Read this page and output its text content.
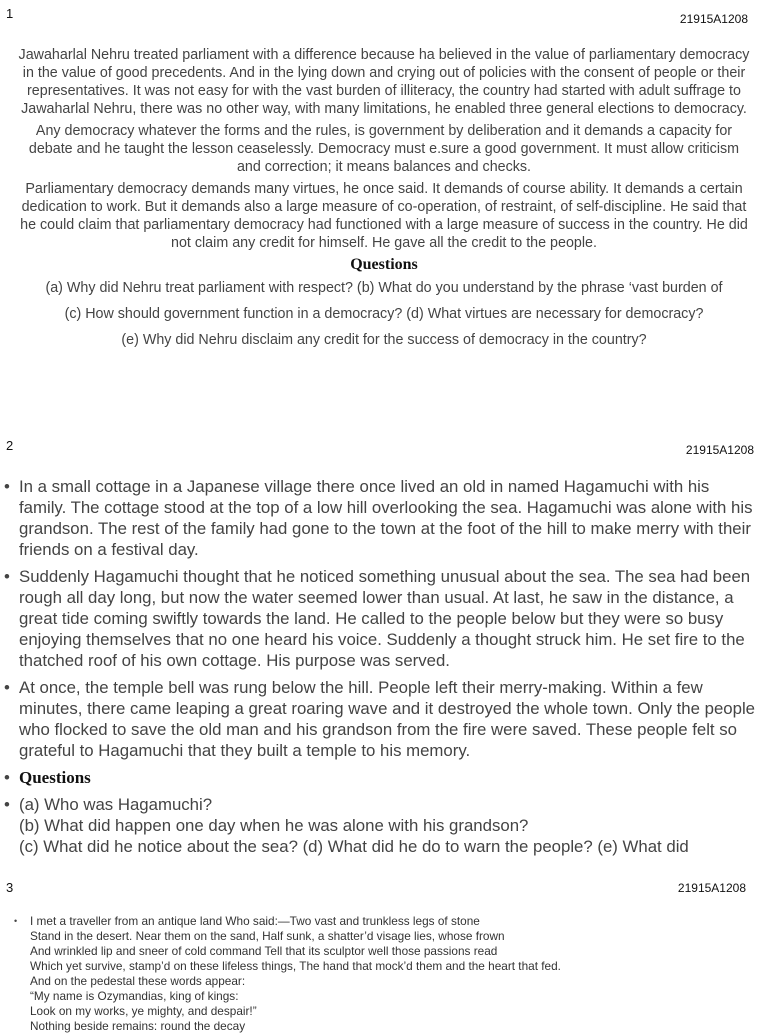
1	21915A1208

Jawaharlal Nehru treated parliament with a difference because ha believed in the value of parliamentary democracy in the value of good precedents. And in the lying down and crying out of policies with the consent of people or their representatives. It was not easy for with the vast burden of illiteracy, the country had started with adult suffrage to Jawaharlal Nehru, there was no other way, with many limitations, he enabled three general elections to democracy.

Any democracy whatever the forms and the rules, is government by deliberation and it demands a capacity for debate and he taught the lesson ceaselessly. Democracy must e.sure a good government. It must allow criticism and correction; it means balances and checks.

Parliamentary democracy demands many virtues, he once said. It demands of course ability. It demands a certain dedication to work. But it demands also a large measure of co-operation, of restraint, of self-discipline. He said that he could claim that parliamentary democracy had functioned with a large measure of success in the country. He did not claim any credit for himself. He gave all the credit to the people.

Questions

(a) Why did Nehru treat parliament with respect? (b) What do you understand by the phrase ‘vast burden of

(c) How should government function in a democracy? (d) What virtues are necessary for democracy?

(e) Why did Nehru disclaim any credit for the success of democracy in the country?

2	21915A1208
• In a small cottage in a Japanese village there once lived an old in named Hagamuchi with his family. The cottage stood at the top of a low hill overlooking the sea. Hagamuchi was alone with his grandson. The rest of the family had gone to the town at the foot of the hill to make merry with their friends on a festival day.
• Suddenly Hagamuchi thought that he noticed something unusual about the sea. The sea had been rough all day long, but now the water seemed lower than usual. At last, he saw in the distance, a great tide coming swiftly towards the land. He called to the people below but they were so busy enjoying themselves that no one heard his voice. Suddenly a thought struck him. He set fire to the thatched roof of his own cottage. His purpose was served.
• At once, the temple bell was rung below the hill. People left their merry-making. Within a few minutes, there came leaping a great roaring wave and it destroyed the whole town. Only the people who flocked to save the old man and his grandson from the fire were saved. These people felt so grateful to Hagamuchi that they built a temple to his memory.
• Questions
• (a) Who was Hagamuchi?
(b) What did happen one day when he was alone with his grandson?
(c) What did he notice about the sea? (d) What did he do to warn the people? (e) What did
3	21915A1208
•	I met a traveller from an antique land Who said:—Two vast and trunkless legs of stone
Stand in the desert. Near them on the sand, Half sunk, a shatter’d visage lies, whose frown
And wrinkled lip and sneer of cold command Tell that its sculptor well those passions read
Which yet survive, stamp’d on these lifeless things, The hand that mock’d them and the heart that fed.
And on the pedestal these words appear:
“My name is Ozymandias, king of kings:
Look on my works, ye mighty, and despair!”
Nothing beside remains: round the decay
